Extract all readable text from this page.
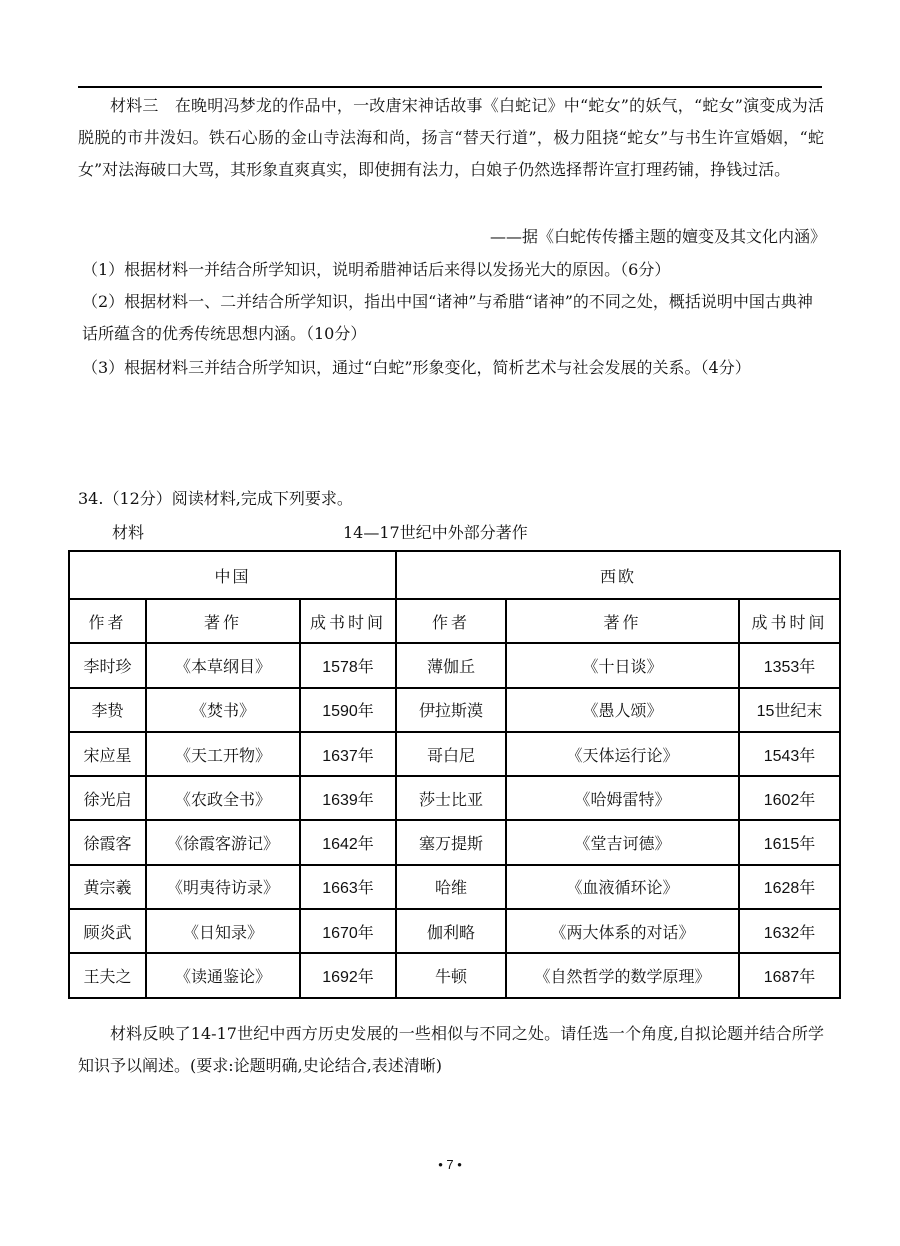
材料三　 在晚明冯梦龙的作品中，一改唐宋神话故事《白蛇记》中“蛇女”的妖气，“蛇女”演变成为活脱脱的市井泼妇。铁石心肠的金山寺法海和尚，扬言“替天行道”，极力阻挠“蛇女”与书生许宣婚姻，“蛇女”对法海破口大骂，其形象直爽真实，即使拥有法力，白娘子仍然选择帮许宣打理药铺，挣钱过活。
——据《白蛇传传播主题的嬗变及其文化内涵》
（1）根据材料一并结合所学知识，说明希腊神话后来得以发扬光大的原因。（6分）
（2）根据材料一、二并结合所学知识，指出中国“诸神”与希腊“诸神”的不同之处，概括说明中国古典神话所蕴含的优秀传统思想内涵。（10分）
（3）根据材料三并结合所学知识，通过“白蛇”形象变化，简析艺术与社会发展的关系。（4分）
34.（12分）阅读材料,完成下列要求。
材料	14—17世纪中外部分著作
中国			西欧		
作者	著作	成书时间	作者	著作	成书时间
李时珍	《本草纲目》	1578年	薄伽丘	《十日谈》	1353年
李贽	《焚书》	1590年	伊拉斯漠	《愚人颂》	15世纪末
宋应星	《天工开物》	1637年	哥白尼	《天体运行论》	1543年
徐光启	《农政全书》	1639年	莎士比亚	《哈姆雷特》	1602年
徐霞客	《徐霞客游记》	1642年	塞万提斯	《堂吉诃德》	1615年
黄宗羲	《明夷待访录》	1663年	哈维	《血液循环论》	1628年
顾炎武	《日知录》	1670年	伽利略	《两大体系的对话》	1632年
王夫之	《读通鉴论》	1692年	牛顿	《自然哲学的数学原理》	1687年
材料反映了14-17世纪中西方历史发展的一些相似与不同之处。请任选一个角度,自拟论题并结合所学知识予以阐述。(要求:论题明确,史论结合,表述清晰)
• 7 •
